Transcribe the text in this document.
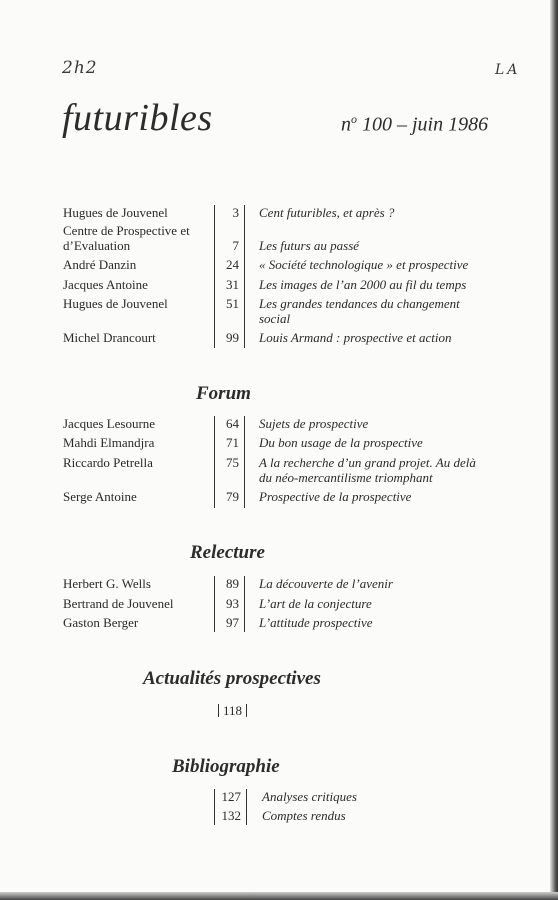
2h2	LA
futuribles	$n^o$ 100 – juin 1986
Hugues de Jouvenel	3 Cent futuribles, et après ?
Centre de Prospective et d’Evaluation	7 Les futurs au passé
André Danzin	24 « Société technologique » et prospective
Jacques Antoine	31 Les images de l’an 2000 au fil du temps
Hugues de Jouvenel	51 Les grandes tendances du changement social
Michel Drancourt	99 Louis Armand : prospective et action
Forum
Jacques Lesourne	64 Sujets de prospective
Mahdi Elmandjra	71 Du bon usage de la prospective
Riccardo Petrella	75 A la recherche d’un grand projet. Au delà du néo-mercantilisme triomphant
Serge Antoine	79 Prospective de la prospective
Relecture
Herbert G. Wells	89 La découverte de l’avenir
Bertrand de Jouvenel	93 L’art de la conjecture
Gaston Berger	97 L’attitude prospective
Actualités prospectives
118
Bibliographie
127 Analyses critiques
132 Comptes rendus
